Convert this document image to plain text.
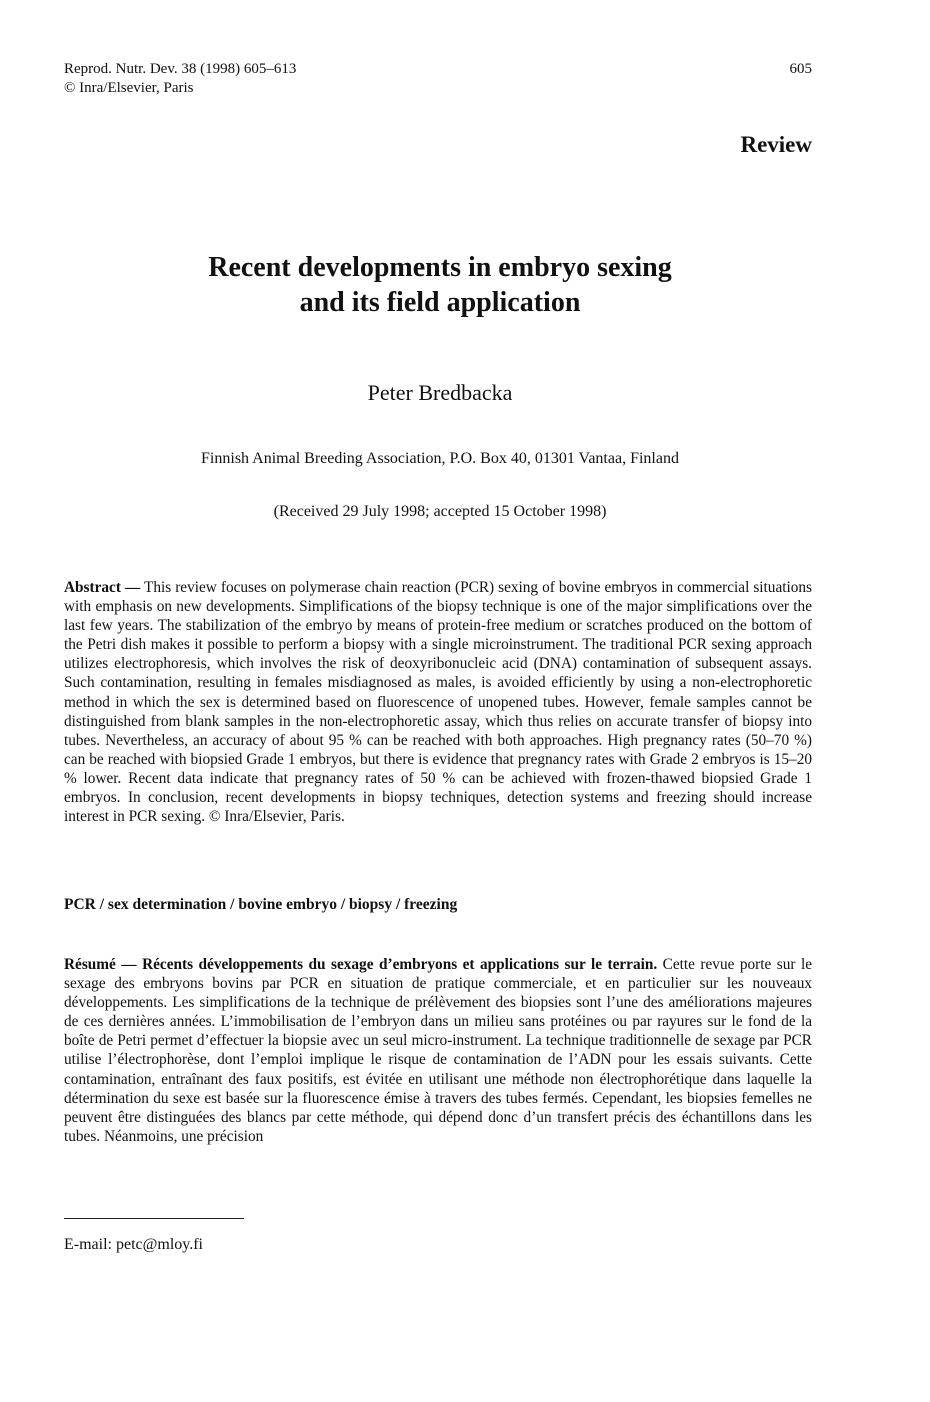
Reprod. Nutr. Dev. 38 (1998) 605–613
© Inra/Elsevier, Paris
605
Review
Recent developments in embryo sexing
and its field application
Peter Bredbacka
Finnish Animal Breeding Association, P.O. Box 40, 01301 Vantaa, Finland
(Received 29 July 1998; accepted 15 October 1998)
Abstract — This review focuses on polymerase chain reaction (PCR) sexing of bovine embryos in commercial situations with emphasis on new developments. Simplifications of the biopsy technique is one of the major simplifications over the last few years. The stabilization of the embryo by means of protein-free medium or scratches produced on the bottom of the Petri dish makes it possible to perform a biopsy with a single microinstrument. The traditional PCR sexing approach utilizes electrophoresis, which involves the risk of deoxyribonucleic acid (DNA) contamination of subsequent assays. Such contamination, resulting in females misdiagnosed as males, is avoided efficiently by using a non-electrophoretic method in which the sex is determined based on fluorescence of unopened tubes. However, female samples cannot be distinguished from blank samples in the non-electrophoretic assay, which thus relies on accurate transfer of biopsy into tubes. Nevertheless, an accuracy of about 95 % can be reached with both approaches. High pregnancy rates (50–70 %) can be reached with biopsied Grade 1 embryos, but there is evidence that pregnancy rates with Grade 2 embryos is 15–20 % lower. Recent data indicate that pregnancy rates of 50 % can be achieved with frozen-thawed biopsied Grade 1 embryos. In conclusion, recent developments in biopsy techniques, detection systems and freezing should increase interest in PCR sexing. © Inra/Elsevier, Paris.
PCR / sex determination / bovine embryo / biopsy / freezing
Résumé — Récents développements du sexage d’embryons et applications sur le terrain. Cette revue porte sur le sexage des embryons bovins par PCR en situation de pratique commerciale, et en particulier sur les nouveaux développements. Les simplifications de la technique de prélèvement des biopsies sont l’une des améliorations majeures de ces dernières années. L’immobilisation de l’embryon dans un milieu sans protéines ou par rayures sur le fond de la boîte de Petri permet d’effectuer la biopsie avec un seul micro-instrument. La technique traditionnelle de sexage par PCR utilise l’électrophorèse, dont l’emploi implique le risque de contamination de l’ADN pour les essais suivants. Cette contamination, entraînant des faux positifs, est évitée en utilisant une méthode non électrophorétique dans laquelle la détermination du sexe est basée sur la fluorescence émise à travers des tubes fermés. Cependant, les biopsies femelles ne peuvent être distinguées des blancs par cette méthode, qui dépend donc d’un transfert précis des échantillons dans les tubes. Néanmoins, une précision
E-mail: petc@mloy.fi
